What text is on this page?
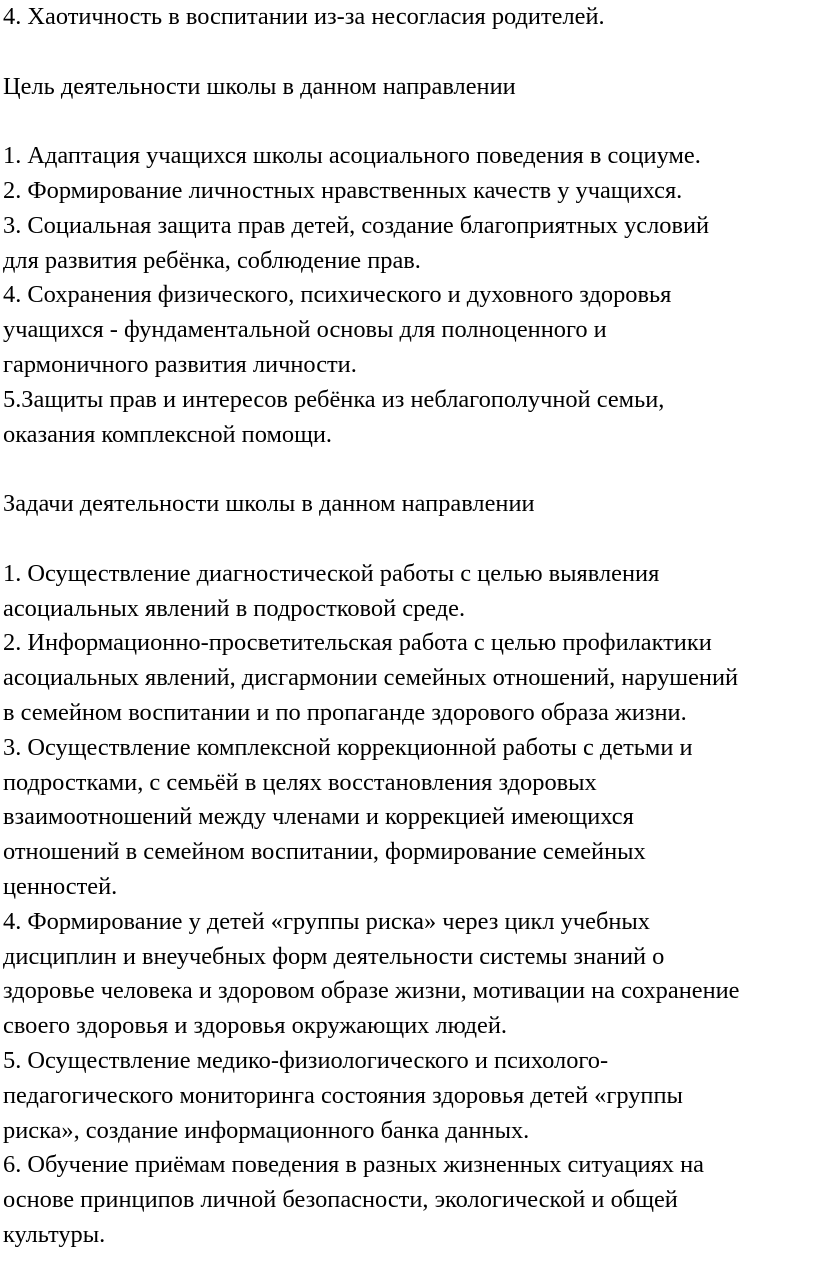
4. Хаотичность в воспитании из-за несогласия родителей.
Цель деятельности школы в данном направлении
1. Адаптация учащихся школы асоциального поведения в социуме.
2. Формирование личностных нравственных качеств у учащихся.
3. Социальная защита прав детей, создание благоприятных условий
для развития ребёнка, соблюдение прав.
4. Сохранения физического, психического и духовного здоровья
учащихся - фундаментальной основы для полноценного и
гармоничного развития личности.
5.Защиты прав и интересов ребёнка из неблагополучной семьи,
оказания комплексной помощи.
Задачи деятельности школы в данном направлении
1. Осуществление диагностической работы с целью выявления
асоциальных явлений в подростковой среде.
2. Информационно-просветительская работа с целью профилактики
асоциальных явлений, дисгармонии семейных отношений, нарушений
в семейном воспитании и по пропаганде здорового образа жизни.
3. Осуществление комплексной коррекционной работы с детьми и
подростками, с семьёй в целях восстановления здоровых
взаимоотношений между членами и коррекцией имеющихся
отношений в семейном воспитании, формирование семейных
ценностей.
4. Формирование у детей «группы риска» через цикл учебных
дисциплин и внеучебных форм деятельности системы знаний о
здоровье человека и здоровом образе жизни, мотивации на сохранение
своего здоровья и здоровья окружающих людей.
5. Осуществление медико-физиологического и психолого-
педагогического мониторинга состояния здоровья детей «группы
риска», создание информационного банка данных.
6. Обучение приёмам поведения в разных жизненных ситуациях на
основе принципов личной безопасности, экологической и общей
культуры.
